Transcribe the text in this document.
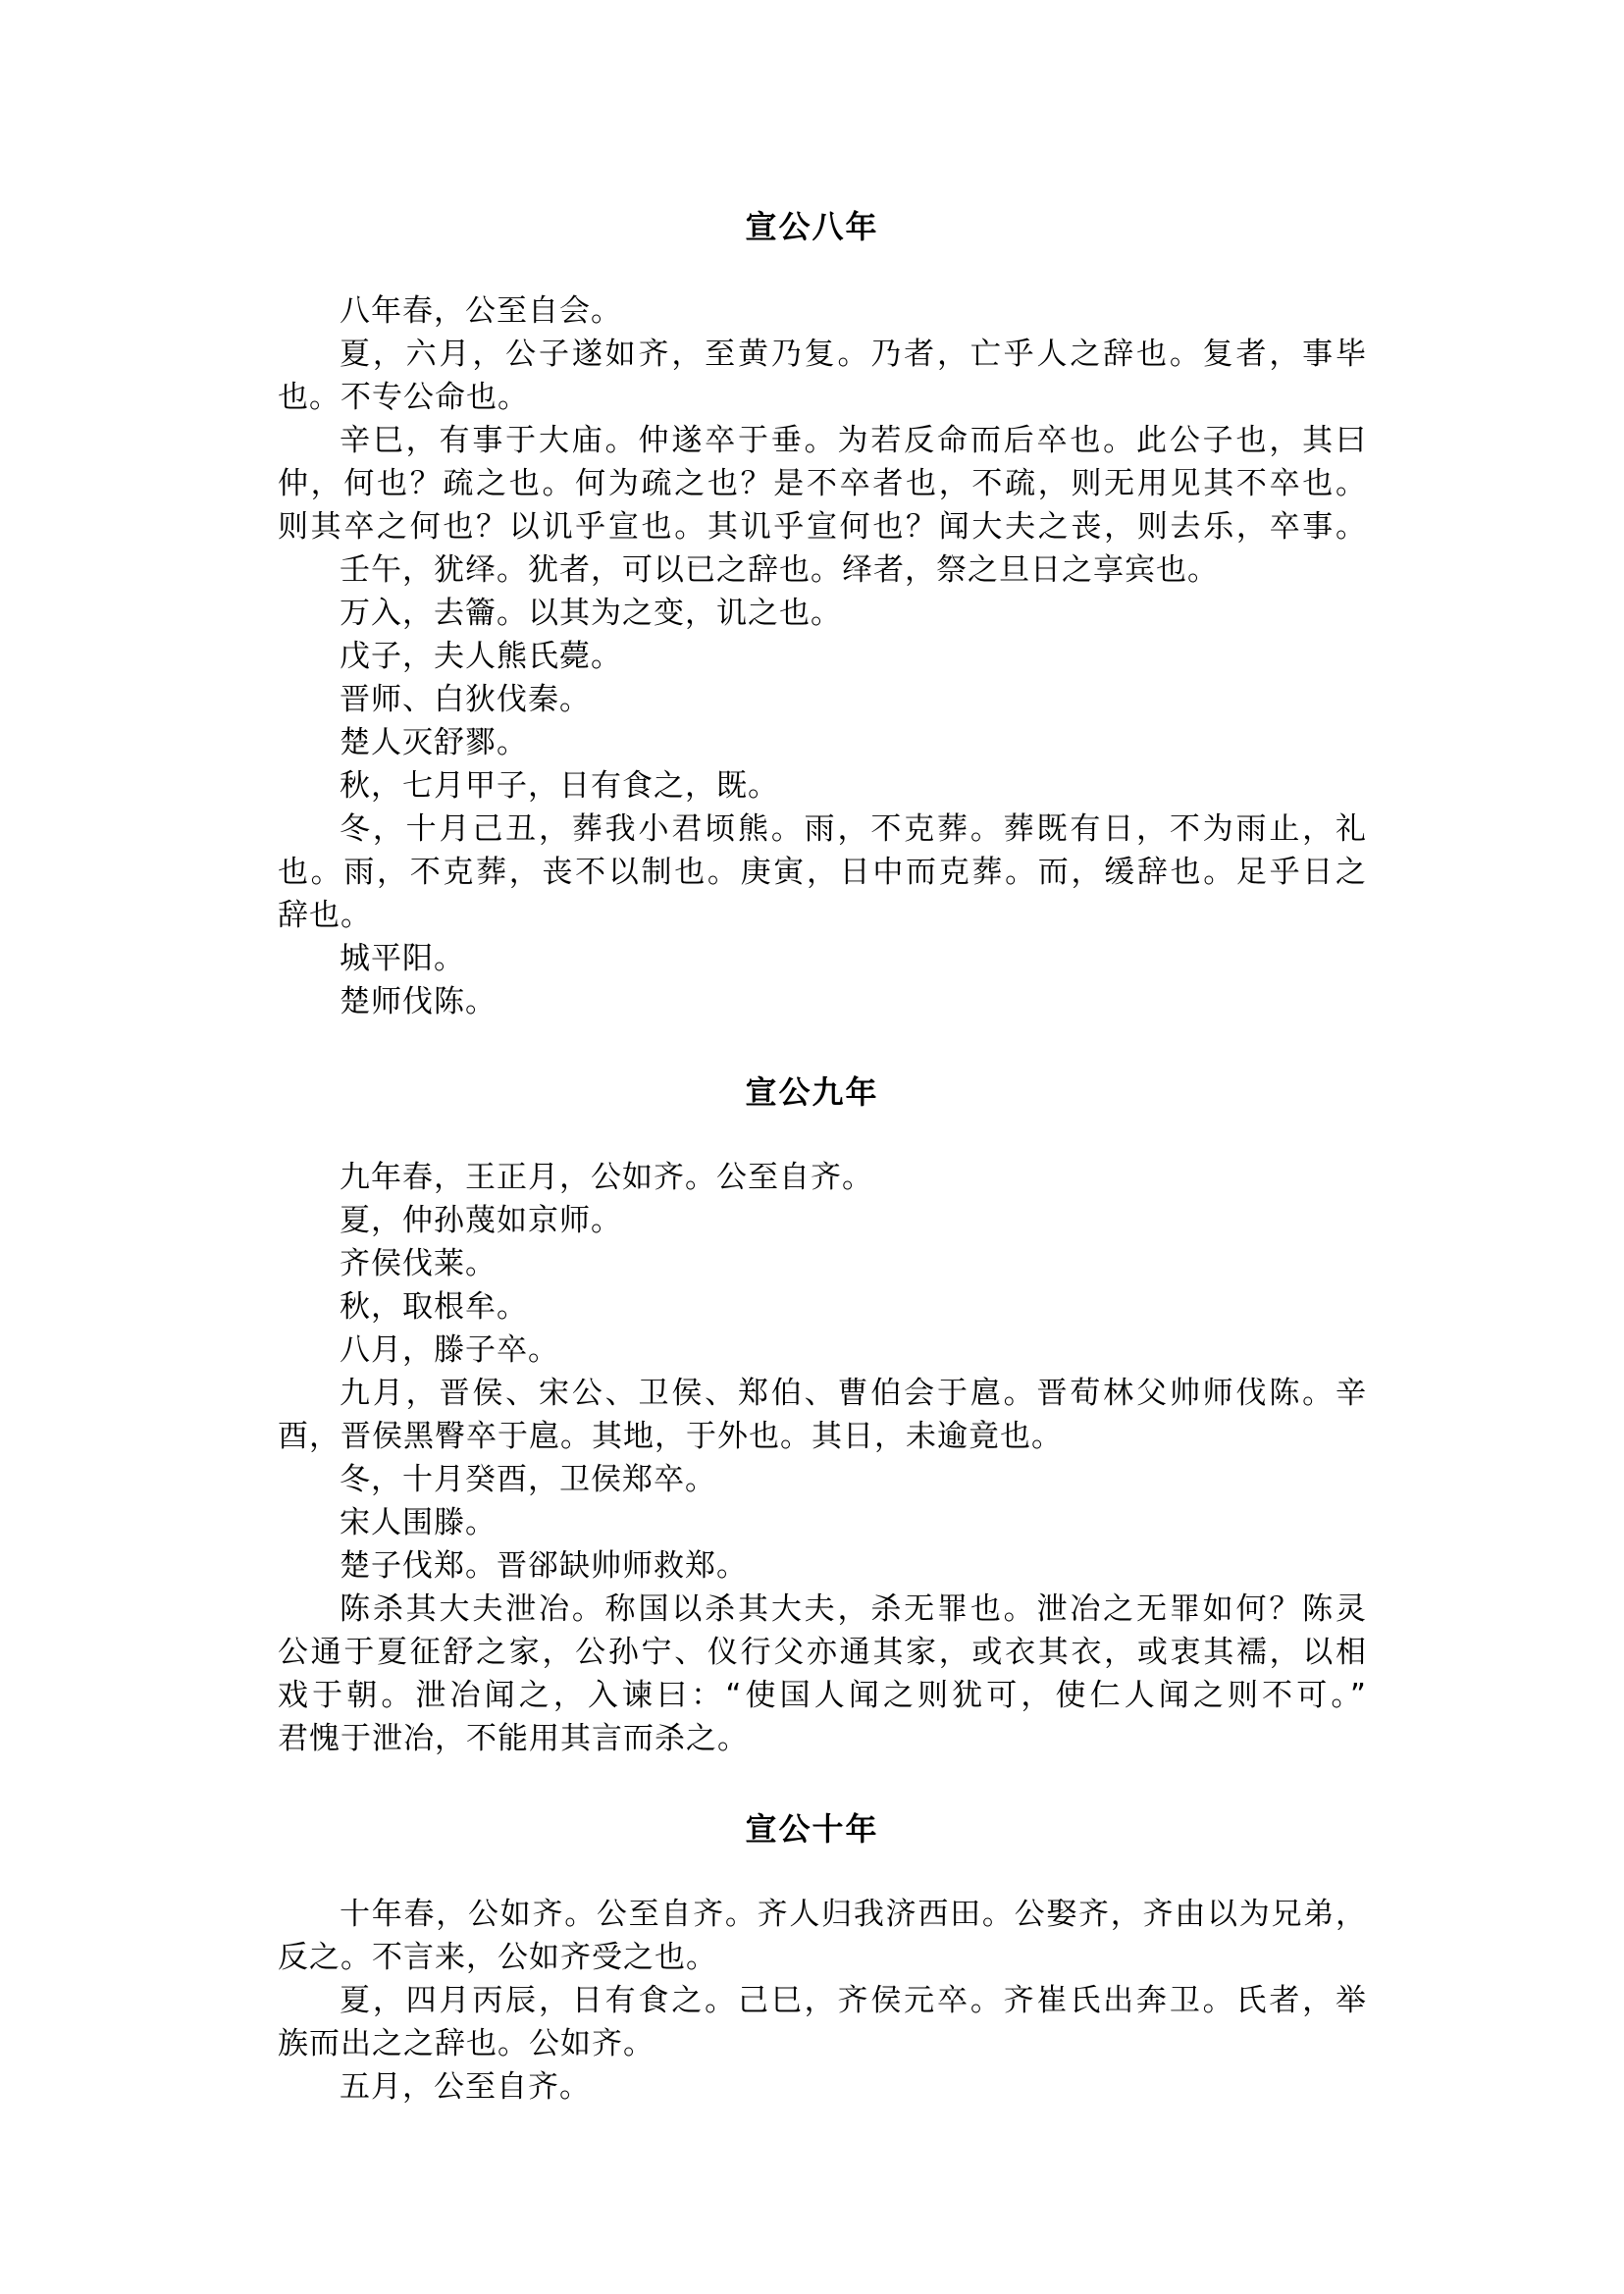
宣公八年
八年春，公至自会。
夏，六月，公子遂如齐，至黄乃复。乃者，亡乎人之辞也。复者，事毕
也。不专公命也。
辛巳，有事于大庙。仲遂卒于垂。为若反命而后卒也。此公子也，其曰
仲，何也？疏之也。何为疏之也？是不卒者也，不疏，则无用见其不卒也。
则其卒之何也？以讥乎宣也。其讥乎宣何也？闻大夫之丧，则去乐，卒事。
壬午，犹绎。犹者，可以已之辞也。绎者，祭之旦日之享宾也。
万入，去籥。以其为之变，讥之也。
戊子，夫人熊氏薨。
晋师、白狄伐秦。
楚人灭舒鄝。
秋，七月甲子，日有食之，既。
冬，十月己丑，葬我小君顷熊。雨，不克葬。葬既有日，不为雨止，礼
也。雨，不克葬，丧不以制也。庚寅，日中而克葬。而，缓辞也。足乎日之
辞也。
城平阳。
楚师伐陈。
宣公九年
九年春，王正月，公如齐。公至自齐。
夏，仲孙蔑如京师。
齐侯伐莱。
秋，取根牟。
八月，滕子卒。
九月，晋侯、宋公、卫侯、郑伯、曹伯会于扈。晋荀林父帅师伐陈。辛
酉，晋侯黑臀卒于扈。其地，于外也。其日，未逾竟也。
冬，十月癸酉，卫侯郑卒。
宋人围滕。
楚子伐郑。晋郤缺帅师救郑。
陈杀其大夫泄冶。称国以杀其大夫，杀无罪也。泄冶之无罪如何？陈灵
公通于夏征舒之家，公孙宁、仪行父亦通其家，或衣其衣，或衷其襦，以相
戏于朝。泄冶闻之，入谏曰：“使国人闻之则犹可，使仁人闻之则不可。”
君愧于泄冶，不能用其言而杀之。
宣公十年
十年春，公如齐。公至自齐。齐人归我济西田。公娶齐，齐由以为兄弟，
反之。不言来，公如齐受之也。
夏，四月丙辰，日有食之。己巳，齐侯元卒。齐崔氏出奔卫。氏者，举
族而出之之辞也。公如齐。
五月，公至自齐。
